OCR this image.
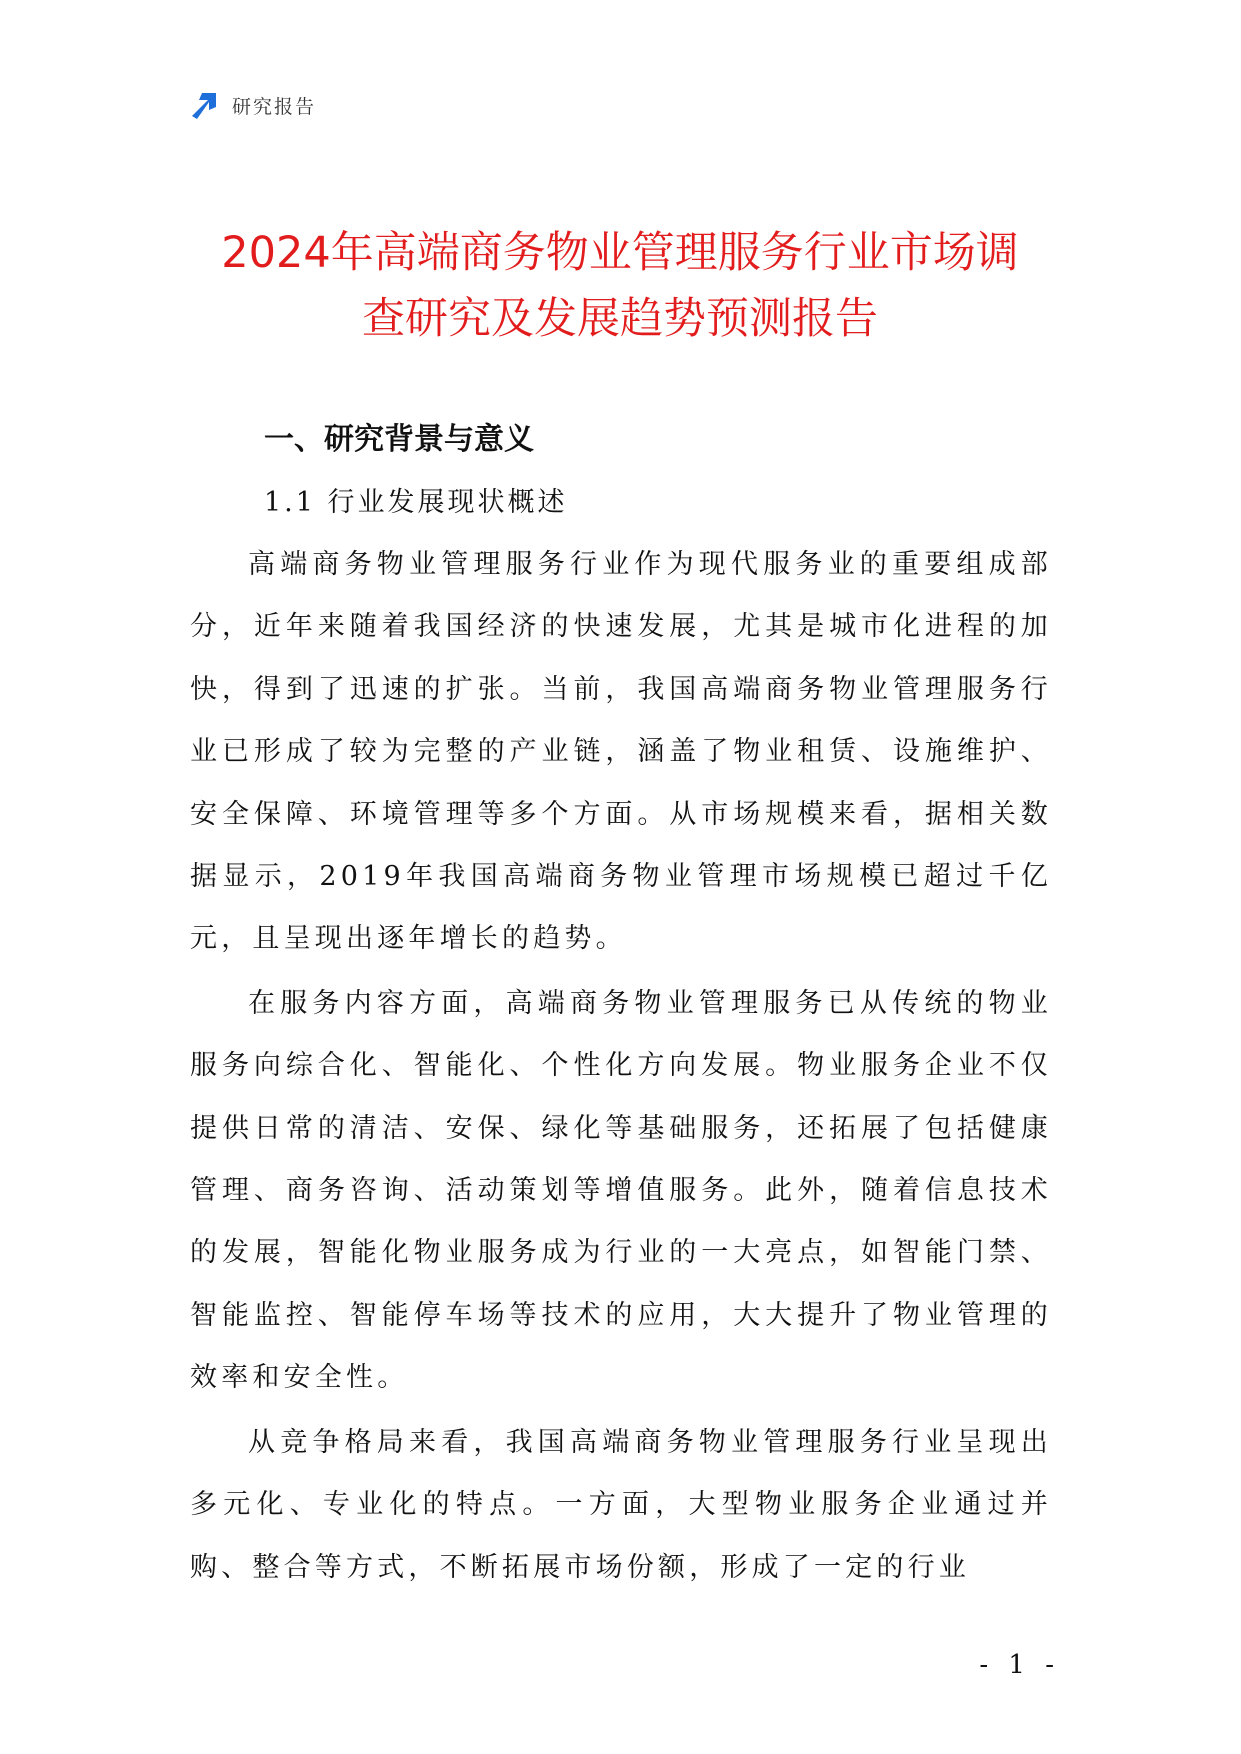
研究报告
2024年高端商务物业管理服务行业市场调
查研究及发展趋势预测报告
一、研究背景与意义
1.1 行业发展现状概述

高端商务物业管理服务行业作为现代服务业的重要组成部分，近年来随着我国经济的快速发展，尤其是城市化进程的加快，得到了迅速的扩张。当前，我国高端商务物业管理服务行业已形成了较为完整的产业链，涵盖了物业租赁、设施维护、安全保障、环境管理等多个方面。从市场规模来看，据相关数据显示，2019年我国高端商务物业管理市场规模已超过千亿元，且呈现出逐年增长的趋势。

在服务内容方面，高端商务物业管理服务已从传统的物业服务向综合化、智能化、个性化方向发展。物业服务企业不仅提供日常的清洁、安保、绿化等基础服务，还拓展了包括健康管理、商务咨询、活动策划等增值服务。此外，随着信息技术的发展，智能化物业服务成为行业的一大亮点，如智能门禁、智能监控、智能停车场等技术的应用，大大提升了物业管理的效率和安全性。

从竞争格局来看，我国高端商务物业管理服务行业呈现出多元化、专业化的特点。一方面，大型物业服务企业通过并购、整合等方式，不断拓展市场份额，形成了一定的行业

- 1 -
